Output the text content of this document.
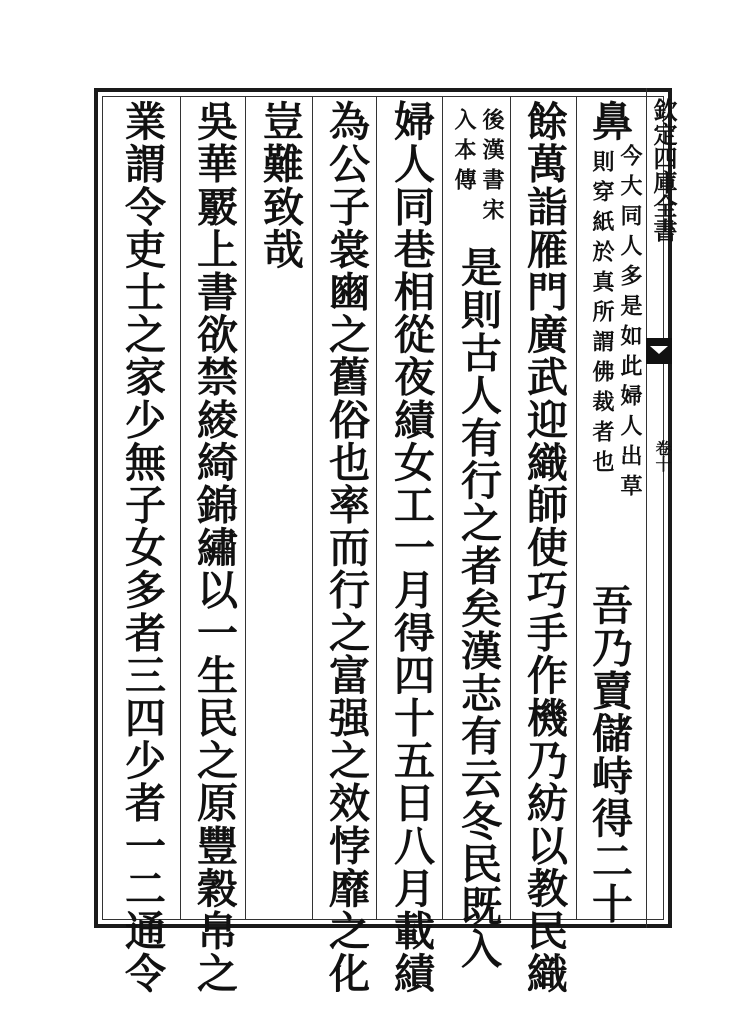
欽定四庫全書
卷十
鼻
今大同人多是如此婦人出草
則穿紙於真所謂佛裁者也
吾乃賣儲峙得二十
餘萬詣雁門廣武迎織師使巧手作機乃紡以教民織
後漢書宋
入本傳
是則古人有行之者矣漢志有云冬民既入
婦人同巷相從夜績女工一月得四十五日八月載績
為公子裳豳之舊俗也率而行之富强之效悖靡之化
豈難致哉
吳華覈上書欲禁綾綺錦繡以一生民之原豐穀帛之
業謂令吏士之家少無子女多者三四少者一二通令
